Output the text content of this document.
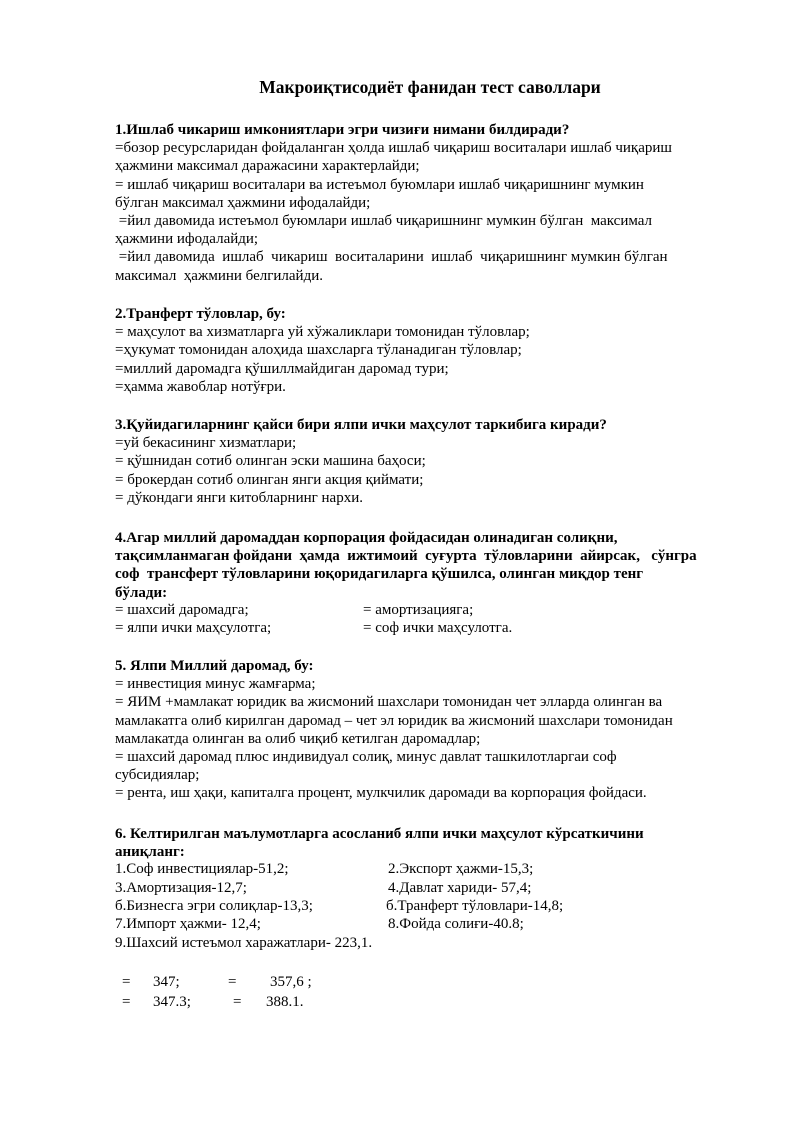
Макроиқтисодиёт фанидан тест саволлари
1.Ишлаб чикариш имкониятлари эгри чизиғи нимани билдиради?
=бозор ресурсларидан фойдаланган ҳолда ишлаб чиқариш воситалари ишлаб чиқариш
ҳажмини максимал даражасини характерлайди;
= ишлаб чиқариш воситалари ва истеъмол буюмлари ишлаб чиқаришнинг мумкин
бўлган максимал ҳажмини ифодалайди;
=йил давомида истеъмол буюмлари ишлаб чиқаришнинг мумкин бўлган  максимал
ҳажмини ифодалайди;
=йил давомида  ишлаб  чикариш  воситаларини  ишлаб  чиқаришнинг мумкин бўлган
максимал  ҳажмини белгилайди.
2.Транферт тўловлар, бу:
= маҳсулот ва хизматларга уй хўжаликлари томонидан тўловлар;
=ҳукумат томонидан алоҳида шахсларга тўланадиган тўловлар;
=миллий даромадга қўшиллмайдиган даромад тури;
=ҳамма жавоблар нотўғри.
3.Қуйидагиларнинг қайси бири ялпи ички маҳсулот таркибига киради?
=уй бекасининг хизматлари;
= қўшнидан сотиб олинган эски машина баҳоси;
= брокердан сотиб олинган янги акция қиймати;
= дўкондаги янги китобларнинг нархи.
4.Агар миллий даромаддан корпорация фойдасидан олинадиган солиқни,
тақсимланмаган фойдани  ҳамда  ижтимоий  суғурта  тўловларини  айирсак,   сўнгра
соф  трансферт тўловларини юқоридагиларга қўшилса, олинган миқдор тенг
бўлади:
= шахсий даромадга;	= амортизацияга;
= ялпи ички маҳсулотга;	= соф ички маҳсулотга.
5. Ялпи Миллий даромад, бу:
= инвестиция минус жамғарма;
= ЯИМ +мамлакат юридик ва жисмоний шахслари томонидан чет элларда олинган ва
мамлакатга олиб кирилган даромад – чет эл юридик ва жисмоний шахслари томонидан
мамлакатда олинган ва олиб чиқиб кетилган даромадлар;
= шахсий даромад плюс индивидуал солиқ, минус давлат ташкилотларгаи соф
субсидиялар;
= рента, иш ҳақи, капиталга процент, мулкчилик даромади ва корпорация фойдаси.
6. Келтирилган маълумотларга асосланиб ялпи ички маҳсулот кўрсаткичини
аниқланг:
1.Соф инвестициялар-51,2;	2.Экспорт ҳажми-15,3;
3.Амортизация-12,7;	4.Давлат хариди- 57,4;
б.Бизнесга эгри солиқлар-13,3;	б.Транферт тўловлари-14,8;
7.Импорт ҳажми- 12,4;	8.Фойда солиғи-40.8;
9.Шахсий истеъмол харажатлари- 223,1.
= 347;	= 357,6 ;
= 347.3;	= 388.1.
